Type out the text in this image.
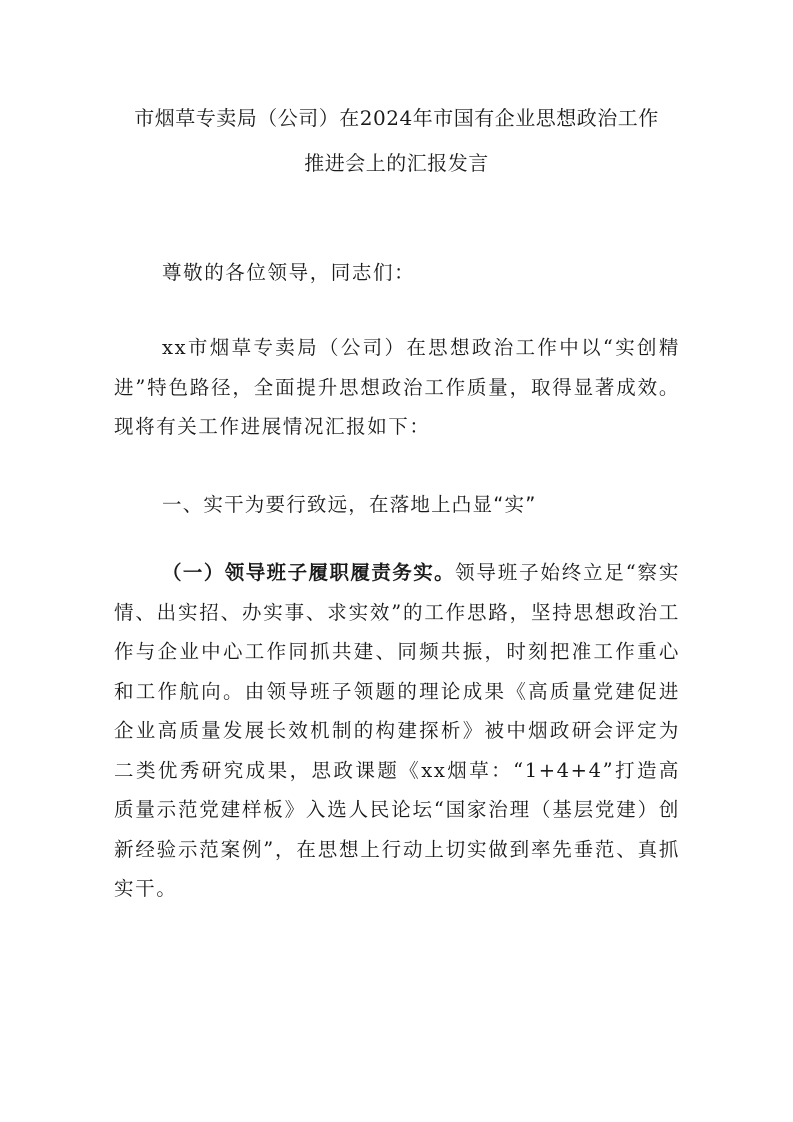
市烟草专卖局（公司）在2024年市国有企业思想政治工作
推进会上的汇报发言
尊敬的各位领导，同志们：
xx市烟草专卖局（公司）在思想政治工作中以“实创精进”特色路径，全面提升思想政治工作质量，取得显著成效。现将有关工作进展情况汇报如下：
一、实干为要行致远，在落地上凸显“实”
（一）领导班子履职履责务实。领导班子始终立足“察实情、出实招、办实事、求实效”的工作思路，坚持思想政治工作与企业中心工作同抓共建、同频共振，时刻把准工作重心和工作航向。由领导班子领题的理论成果《高质量党建促进企业高质量发展长效机制的构建探析》被中烟政研会评定为二类优秀研究成果，思政课题《xx烟草：“1+4+4”打造高质量示范党建样板》入选人民论坛“国家治理（基层党建）创新经验示范案例”，在思想上行动上切实做到率先垂范、真抓实干。
